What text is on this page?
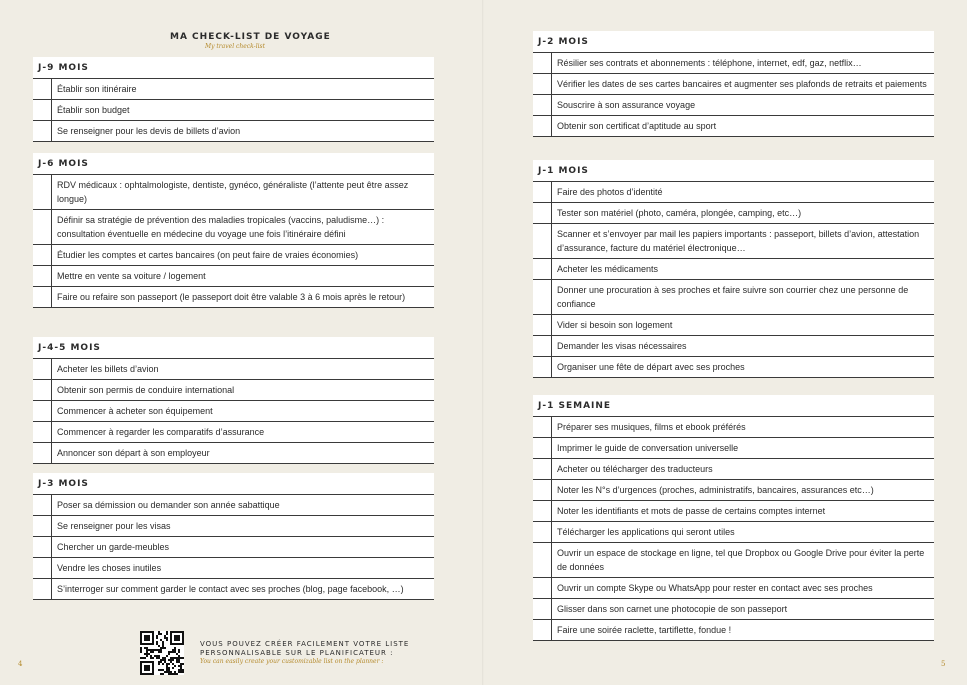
MA CHECK-LIST DE VOYAGE
My travel check-list
J-9 MOIS
Établir son itinéraire
Établir son budget
Se renseigner pour les devis de billets d’avion
J-6 MOIS
RDV médicaux : ophtalmologiste, dentiste, gynéco, généraliste (l’attente peut être assez longue)
Définir sa stratégie de prévention des maladies tropicales (vaccins, paludisme…) : consultation éventuelle en médecine du voyage une fois l’itinéraire défini
Étudier les comptes et cartes bancaires (on peut faire de vraies économies)
Mettre en vente sa voiture / logement
Faire ou refaire son passeport (le passeport doit être valable 3 à 6 mois après le retour)
J-4-5 MOIS
Acheter les billets d’avion
Obtenir son permis de conduire international
Commencer à acheter son équipement
Commencer à regarder les comparatifs d’assurance
Annoncer son départ à son employeur
J-3 MOIS
Poser sa démission ou demander son année sabattique
Se renseigner pour les visas
Chercher un garde-meubles
Vendre les choses inutiles
S’interroger sur comment garder le contact avec ses proches (blog, page facebook, …)
VOUS POUVEZ CRÉER FACILEMENT VOTRE LISTE
PERSONNALISABLE SUR LE PLANIFICATEUR :
You can easily create your customizable list on the planner :
4
J-2 MOIS
Résilier ses contrats et abonnements : téléphone, internet, edf, gaz, netflix…
Vérifier les dates de ses cartes bancaires et augmenter ses plafonds de retraits et paiements
Souscrire à son assurance voyage
Obtenir son certificat d’aptitude au sport
J-1 MOIS
Faire des photos d’identité
Tester son matériel (photo, caméra, plongée, camping, etc…)
Scanner et s’envoyer par mail les papiers importants : passeport, billets d’avion, attestation d’assurance, facture du matériel électronique…
Acheter les médicaments
Donner une procuration à ses proches et faire suivre son courrier chez une personne de confiance
Vider si besoin son logement
Demander les visas nécessaires
Organiser une fête de départ avec ses proches
J-1 SEMAINE
Préparer ses musiques, films et ebook préférés
Imprimer le guide de conversation universelle
Acheter ou télécharger des traducteurs
Noter les N°s d’urgences (proches, administratifs, bancaires, assurances etc…)
Noter les identifiants et mots de passe de certains comptes internet
Télécharger les applications qui seront utiles
Ouvrir un espace de stockage en ligne, tel que Dropbox ou Google Drive pour éviter la perte de données
Ouvrir un compte Skype ou WhatsApp pour rester en contact avec ses proches
Glisser dans son carnet une photocopie de son passeport
Faire une soirée raclette, tartiflette, fondue !
5
